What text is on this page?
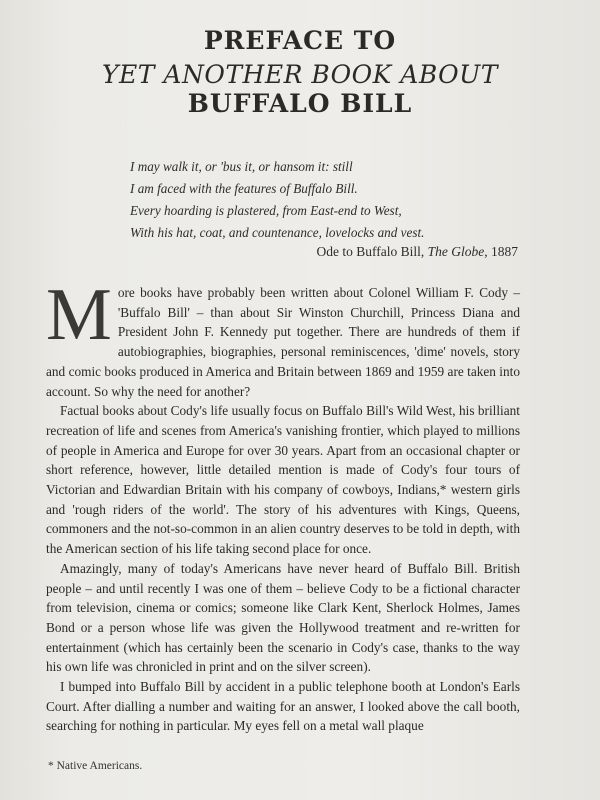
PREFACE TO
YET ANOTHER BOOK ABOUT
BUFFALO BILL
I may walk it, or 'bus it, or hansom it: still
I am faced with the features of Buffalo Bill.
Every hoarding is plastered, from East-end to West,
With his hat, coat, and countenance, lovelocks and vest.
Ode to Buffalo Bill, The Globe, 1887

More books have probably been written about Colonel William F. Cody – 'Buffalo Bill' – than about Sir Winston Churchill, Princess Diana and President John F. Kennedy put together. There are hundreds of them if autobiographies, biographies, personal reminiscences, 'dime' novels, story and comic books produced in America and Britain between 1869 and 1959 are taken into account. So why the need for another?

Factual books about Cody's life usually focus on Buffalo Bill's Wild West, his brilliant recreation of life and scenes from America's vanishing frontier, which played to millions of people in America and Europe for over 30 years. Apart from an occasional chapter or short reference, however, little detailed mention is made of Cody's four tours of Victorian and Edwardian Britain with his company of cowboys, Indians,* western girls and 'rough riders of the world'. The story of his adventures with Kings, Queens, commoners and the not-so-common in an alien country deserves to be told in depth, with the American section of his life taking second place for once.

Amazingly, many of today's Americans have never heard of Buffalo Bill. British people – and until recently I was one of them – believe Cody to be a fictional character from television, cinema or comics; someone like Clark Kent, Sherlock Holmes, James Bond or a person whose life was given the Hollywood treatment and re-written for entertainment (which has certainly been the scenario in Cody's case, thanks to the way his own life was chronicled in print and on the silver screen).

I bumped into Buffalo Bill by accident in a public telephone booth at London's Earls Court. After dialling a number and waiting for an answer, I looked above the call booth, searching for nothing in particular. My eyes fell on a metal wall plaque

* Native Americans.
